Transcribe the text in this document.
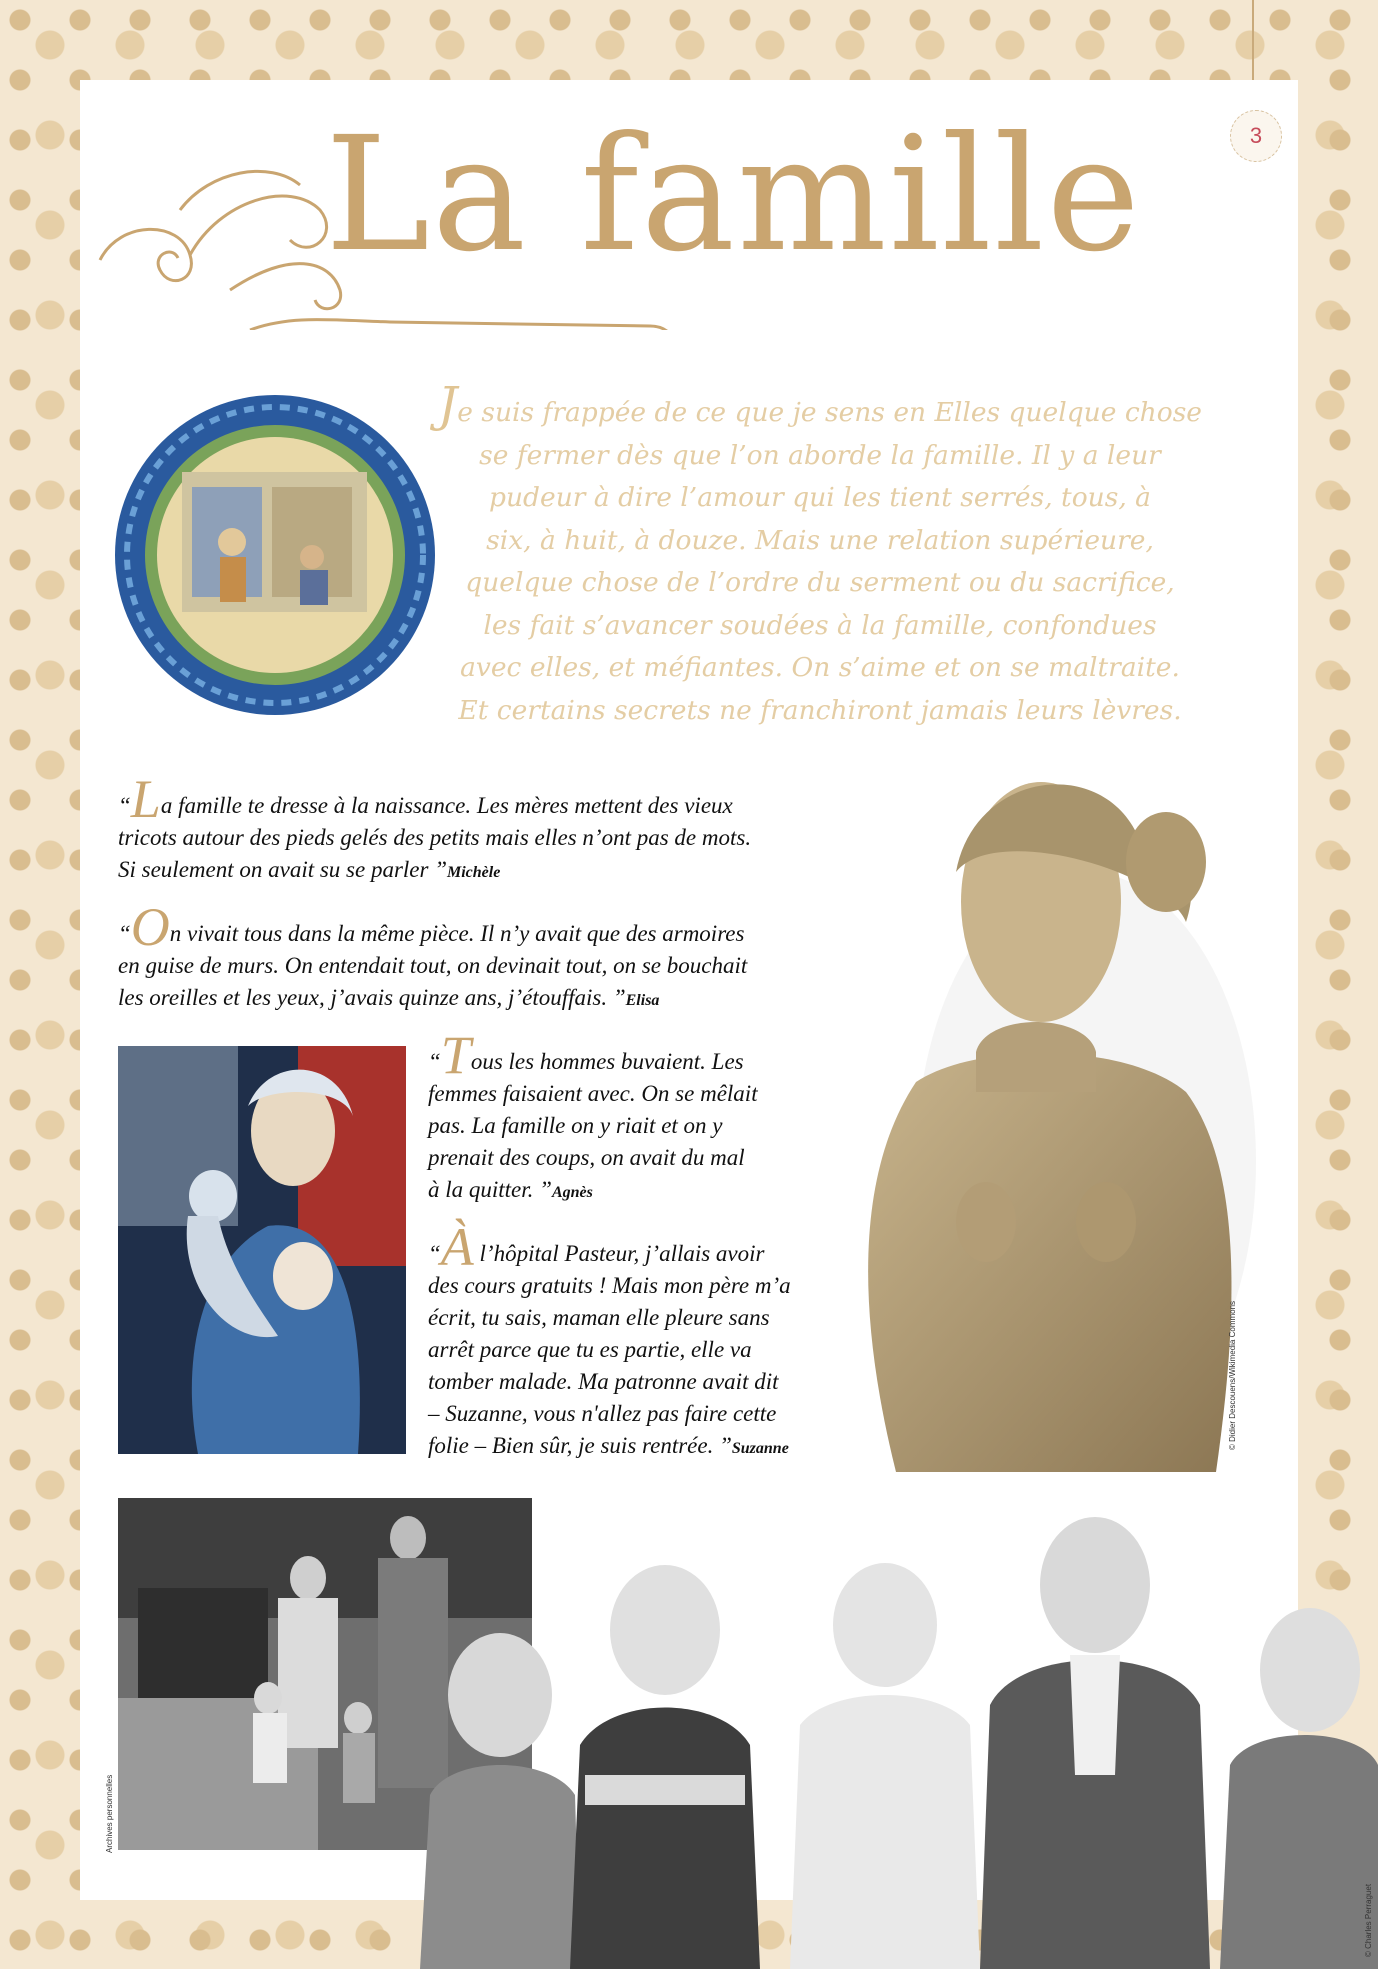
3
La famille
Je suis frappée de ce que je sens en Elles quelque chose
se fermer dès que l’on aborde la famille. Il y a leur
pudeur à dire l’amour qui les tient serrés, tous, à
six, à huit, à douze. Mais une relation supérieure,
quelque chose de l’ordre du serment ou du sacrifice,
les fait s’avancer soudées à la famille, confondues
avec elles, et méfiantes. On s’aime et on se maltraite.
Et certains secrets ne franchiront jamais leurs lèvres.
“La famille te dresse à la naissance. Les mères mettent des vieux
tricots autour des pieds gelés des petits mais elles n’ont pas de mots.
Si seulement on avait su se parler ”Michèle
“On vivait tous dans la même pièce. Il n’y avait que des armoires
en guise de murs. On entendait tout, on devinait tout, on se bouchait
les oreilles et les yeux, j’avais quinze ans, j’étouffais. ”Elisa
“Tous les hommes buvaient. Les
femmes faisaient avec. On se mêlait
pas. La famille on y riait et on y
prenait des coups, on avait du mal
à la quitter. ”Agnès
“À l’hôpital Pasteur, j’allais avoir
des cours gratuits ! Mais mon père m’a
écrit, tu sais, maman elle pleure sans
arrêt parce que tu es partie, elle va
tomber malade. Ma patronne avait dit
– Suzanne, vous n'allez pas faire cette
folie – Bien sûr, je suis rentrée. ”Suzanne	© Didier Descouens/Wikimedia Commons
Archives personnelles
© Charles Perraguet
